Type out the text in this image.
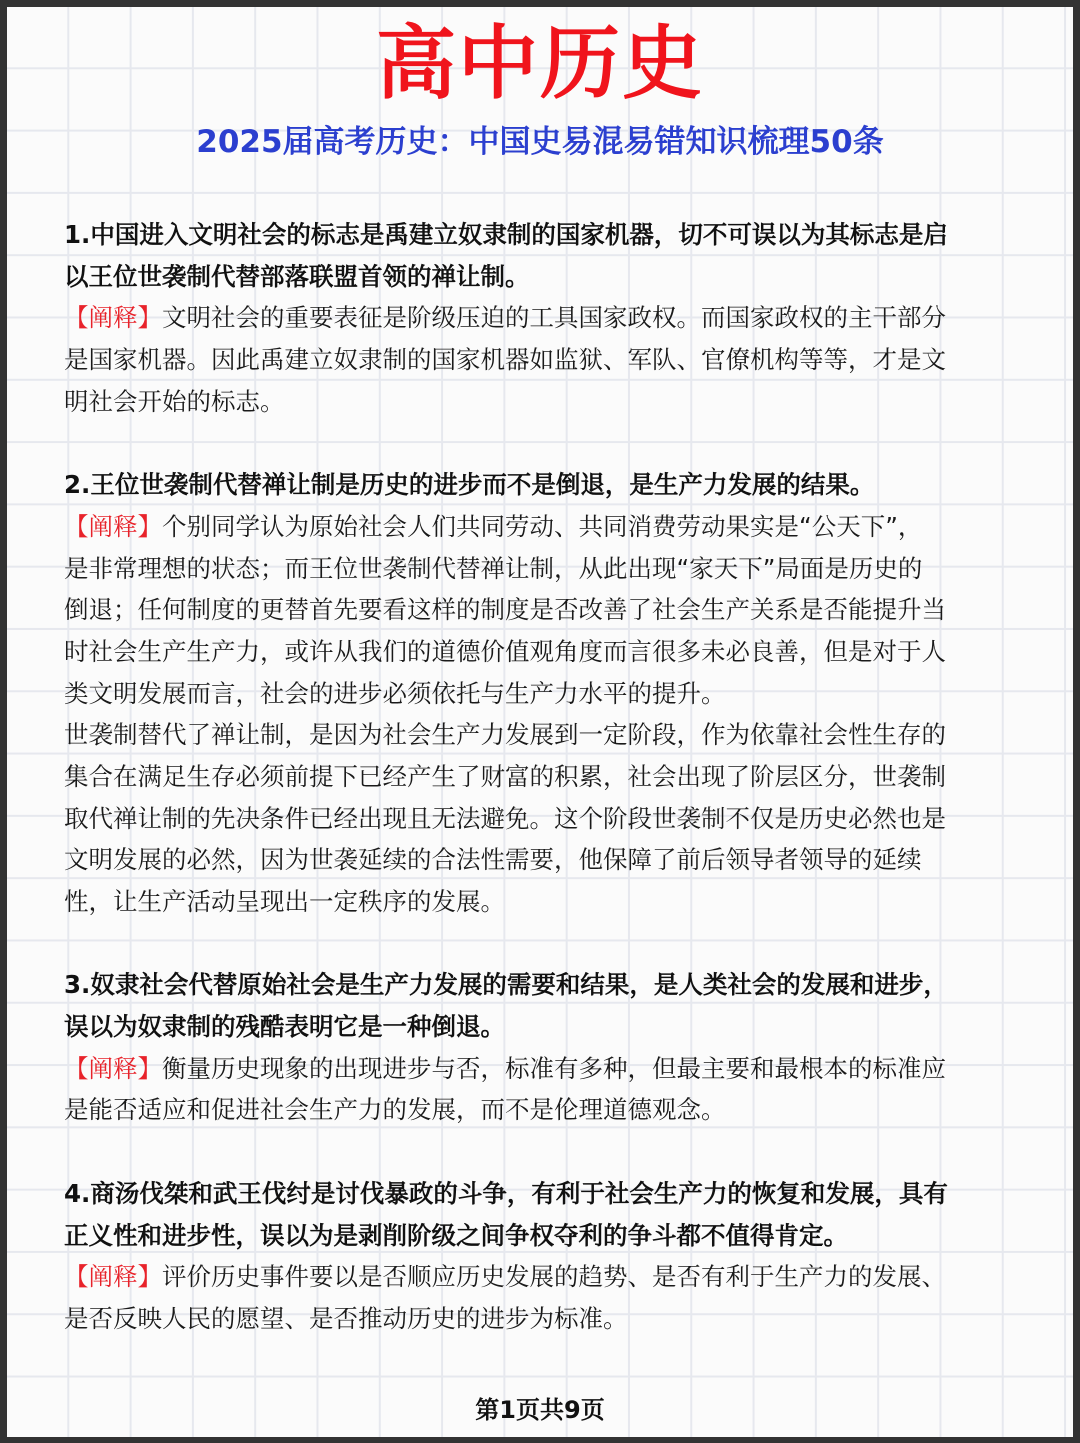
高中历史
2025届高考历史：中国史易混易错知识梳理50条
1.中国进入文明社会的标志是禹建立奴隶制的国家机器，切不可误以为其标志是启
以王位世袭制代替部落联盟首领的禅让制。
【阐释】文明社会的重要表征是阶级压迫的工具国家政权。而国家政权的主干部分
是国家机器。因此禹建立奴隶制的国家机器如监狱、军队、官僚机构等等，才是文
明社会开始的标志。
2.王位世袭制代替禅让制是历史的进步而不是倒退，是生产力发展的结果。
【阐释】个别同学认为原始社会人们共同劳动、共同消费劳动果实是“公天下”，
是非常理想的状态；而王位世袭制代替禅让制，从此出现“家天下”局面是历史的
倒退；任何制度的更替首先要看这样的制度是否改善了社会生产关系是否能提升当
时社会生产生产力，或许从我们的道德价值观角度而言很多未必良善，但是对于人
类文明发展而言，社会的进步必须依托与生产力水平的提升。
世袭制替代了禅让制，是因为社会生产力发展到一定阶段，作为依靠社会性生存的
集合在满足生存必须前提下已经产生了财富的积累，社会出现了阶层区分，世袭制
取代禅让制的先决条件已经出现且无法避免。这个阶段世袭制不仅是历史必然也是
文明发展的必然，因为世袭延续的合法性需要，他保障了前后领导者领导的延续
性，让生产活动呈现出一定秩序的发展。
3.奴隶社会代替原始社会是生产力发展的需要和结果，是人类社会的发展和进步，
误以为奴隶制的残酷表明它是一种倒退。
【阐释】衡量历史现象的出现进步与否，标准有多种，但最主要和最根本的标准应
是能否适应和促进社会生产力的发展，而不是伦理道德观念。
4.商汤伐桀和武王伐纣是讨伐暴政的斗争，有利于社会生产力的恢复和发展，具有
正义性和进步性，误以为是剥削阶级之间争权夺利的争斗都不值得肯定。
【阐释】评价历史事件要以是否顺应历史发展的趋势、是否有利于生产力的发展、
是否反映人民的愿望、是否推动历史的进步为标准。
第1页共9页
